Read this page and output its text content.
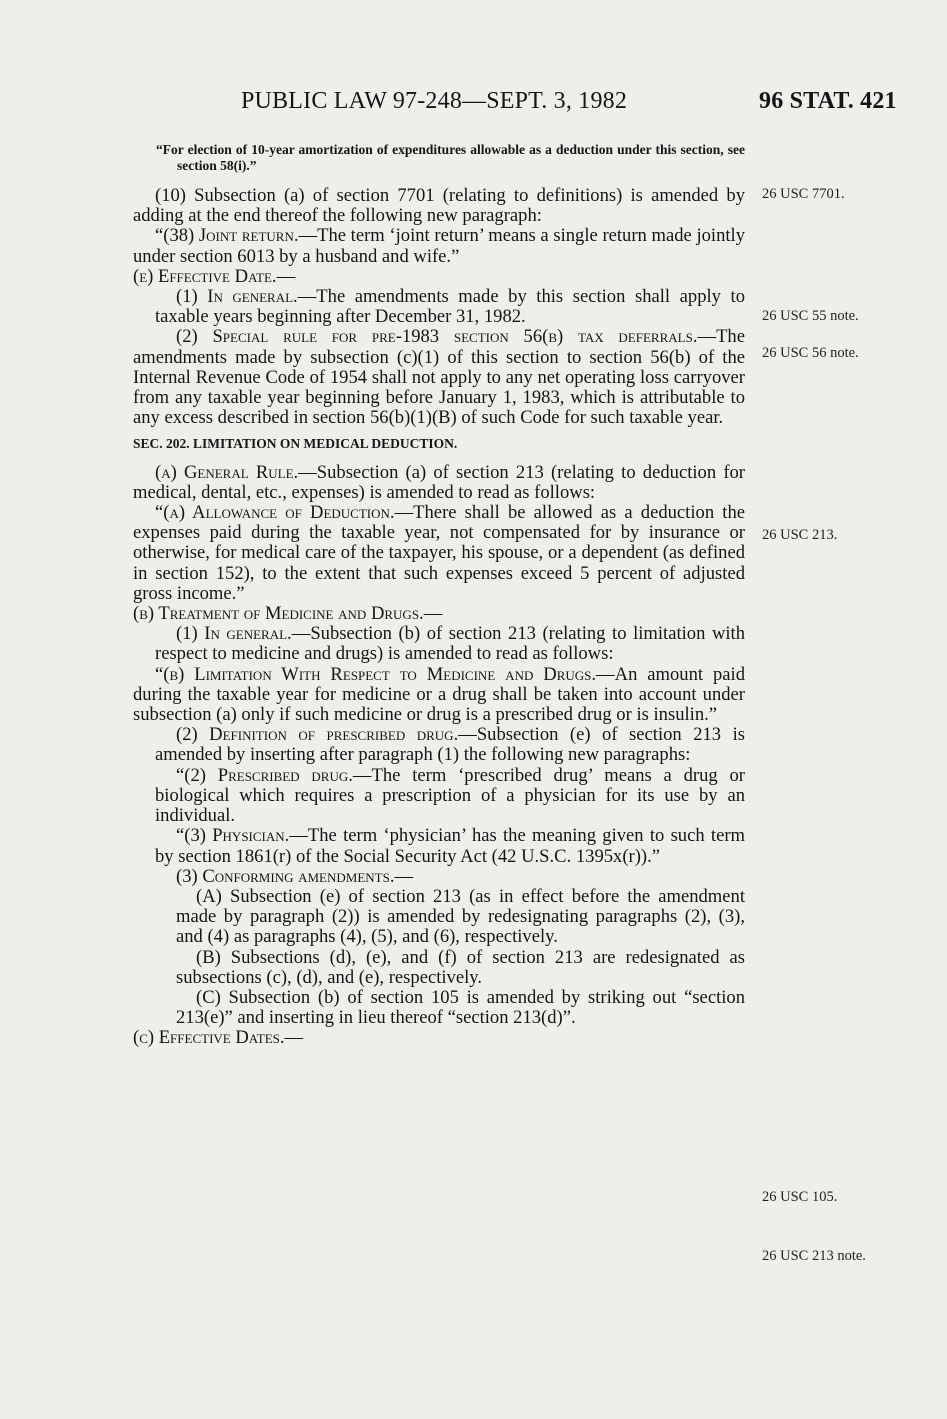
PUBLIC LAW 97-248—SEPT. 3, 1982	96 STAT. 421

“For election of 10-year amortization of expenditures allowable as a deduction under this section, see section 58(i).”

(10) Subsection (a) of section 7701 (relating to definitions) is amended by adding at the end thereof the following new paragraph:

“(38) Joint return.—The term ‘joint return’ means a single return made jointly under section 6013 by a husband and wife.”

(e) Effective Date.—

(1) In general.—The amendments made by this section shall apply to taxable years beginning after December 31, 1982.

(2) Special rule for pre-1983 section 56(b) tax deferrals.—The amendments made by subsection (c)(1) of this section to section 56(b) of the Internal Revenue Code of 1954 shall not apply to any net operating loss carryover from any taxable year beginning before January 1, 1983, which is attributable to any excess described in section 56(b)(1)(B) of such Code for such taxable year.

SEC. 202. LIMITATION ON MEDICAL DEDUCTION.

(a) General Rule.—Subsection (a) of section 213 (relating to deduction for medical, dental, etc., expenses) is amended to read as follows:

“(a) Allowance of Deduction.—There shall be allowed as a deduction the expenses paid during the taxable year, not compensated for by insurance or otherwise, for medical care of the taxpayer, his spouse, or a dependent (as defined in section 152), to the extent that such expenses exceed 5 percent of adjusted gross income.”

(b) Treatment of Medicine and Drugs.—

(1) In general.—Subsection (b) of section 213 (relating to limitation with respect to medicine and drugs) is amended to read as follows:

“(b) Limitation With Respect to Medicine and Drugs.—An amount paid during the taxable year for medicine or a drug shall be taken into account under subsection (a) only if such medicine or drug is a prescribed drug or is insulin.”

(2) Definition of prescribed drug.—Subsection (e) of section 213 is amended by inserting after paragraph (1) the following new paragraphs:

“(2) Prescribed drug.—The term ‘prescribed drug’ means a drug or biological which requires a prescription of a physician for its use by an individual.

“(3) Physician.—The term ‘physician’ has the meaning given to such term by section 1861(r) of the Social Security Act (42 U.S.C. 1395x(r)).”

(3) Conforming amendments.—

(A) Subsection (e) of section 213 (as in effect before the amendment made by paragraph (2)) is amended by redesignating paragraphs (2), (3), and (4) as paragraphs (4), (5), and (6), respectively.

(B) Subsections (d), (e), and (f) of section 213 are redesignated as subsections (c), (d), and (e), respectively.

(C) Subsection (b) of section 105 is amended by striking out “section 213(e)” and inserting in lieu thereof “section 213(d)”.

(c) Effective Dates.—

26 USC 7701.
26 USC 55 note.
26 USC 56 note.
26 USC 213.
26 USC 105.
26 USC 213 note.
